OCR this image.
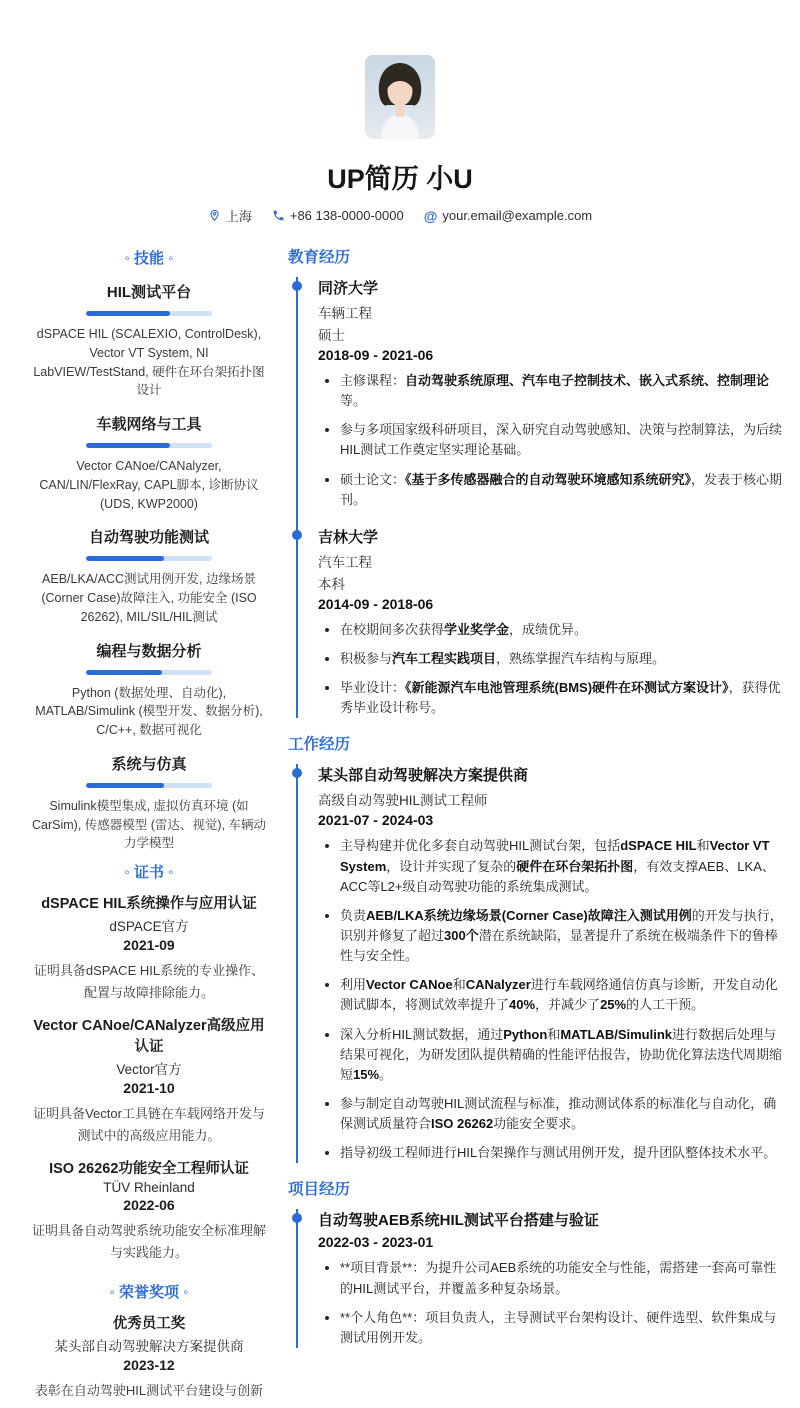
UP简历 小U
上海	+86 138-0000-0000 @ your.email@example.com
◦ 技能 ◦
HIL测试平台
dSPACE HIL (SCALEXIO, ControlDesk), Vector VT System, NI LabVIEW/TestStand, 硬件在环台架拓扑图设计
车载网络与工具
Vector CANoe/CANalyzer, CAN/LIN/FlexRay, CAPL脚本, 诊断协议 (UDS, KWP2000)
自动驾驶功能测试
AEB/LKA/ACC测试用例开发, 边缘场景(Corner Case)故障注入, 功能安全 (ISO 26262), MIL/SIL/HIL测试
编程与数据分析
Python (数据处理、自动化), MATLAB/Simulink (模型开发、数据分析), C/C++, 数据可视化
系统与仿真
Simulink模型集成, 虚拟仿真环境 (如CarSim), 传感器模型 (雷达、视觉), 车辆动力学模型
◦ 证书 ◦
dSPACE HIL系统操作与应用认证
dSPACE官方
2021-09
证明具备dSPACE HIL系统的专业操作、配置与故障排除能力。
Vector CANoe/CANalyzer高级应用认证
Vector官方
2021-10
证明具备Vector工具链在车载网络开发与测试中的高级应用能力。
ISO 26262功能安全工程师认证
TÜV Rheinland
2022-06
证明具备自动驾驶系统功能安全标准理解与实践能力。
◦ 荣誉奖项 ◦
优秀员工奖
某头部自动驾驶解决方案提供商
2023-12
表彰在自动驾驶HIL测试平台建设与创新
教育经历
同济大学
车辆工程
硕士
2018-09 - 2021-06
• 主修课程：自动驾驶系统原理、汽车电子控制技术、嵌入式系统、控制理论等。
• 参与多项国家级科研项目，深入研究自动驾驶感知、决策与控制算法，为后续HIL测试工作奠定坚实理论基础。
• 硕士论文：《基于多传感器融合的自动驾驶环境感知系统研究》，发表于核心期刊。
吉林大学
汽车工程
本科
2014-09 - 2018-06
• 在校期间多次获得学业奖学金，成绩优异。
• 积极参与汽车工程实践项目，熟练掌握汽车结构与原理。
• 毕业设计：《新能源汽车电池管理系统(BMS)硬件在环测试方案设计》，获得优秀毕业设计称号。
工作经历
某头部自动驾驶解决方案提供商
高级自动驾驶HIL测试工程师
2021-07 - 2024-03
• 主导构建并优化多套自动驾驶HIL测试台架，包括dSPACE HIL和Vector VT System，设计并实现了复杂的硬件在环台架拓扑图，有效支撑AEB、LKA、ACC等L2+级自动驾驶功能的系统集成测试。
• 负责AEB/LKA系统边缘场景(Corner Case)故障注入测试用例的开发与执行，识别并修复了超过300个潜在系统缺陷，显著提升了系统在极端条件下的鲁棒性与安全性。
• 利用Vector CANoe和CANalyzer进行车载网络通信仿真与诊断，开发自动化测试脚本，将测试效率提升了40%，并减少了25%的人工干预。
• 深入分析HIL测试数据，通过Python和MATLAB/Simulink进行数据后处理与结果可视化，为研发团队提供精确的性能评估报告，协助优化算法迭代周期缩短15%。
• 参与制定自动驾驶HIL测试流程与标准，推动测试体系的标准化与自动化，确保测试质量符合ISO 26262功能安全要求。
• 指导初级工程师进行HIL台架操作与测试用例开发，提升团队整体技术水平。
项目经历
自动驾驶AEB系统HIL测试平台搭建与验证
2022-03 - 2023-01
• **项目背景**：为提升公司AEB系统的功能安全与性能，需搭建一套高可靠性的HIL测试平台，并覆盖多种复杂场景。
• **个人角色**：项目负责人，主导测试平台架构设计、硬件选型、软件集成与测试用例开发。
